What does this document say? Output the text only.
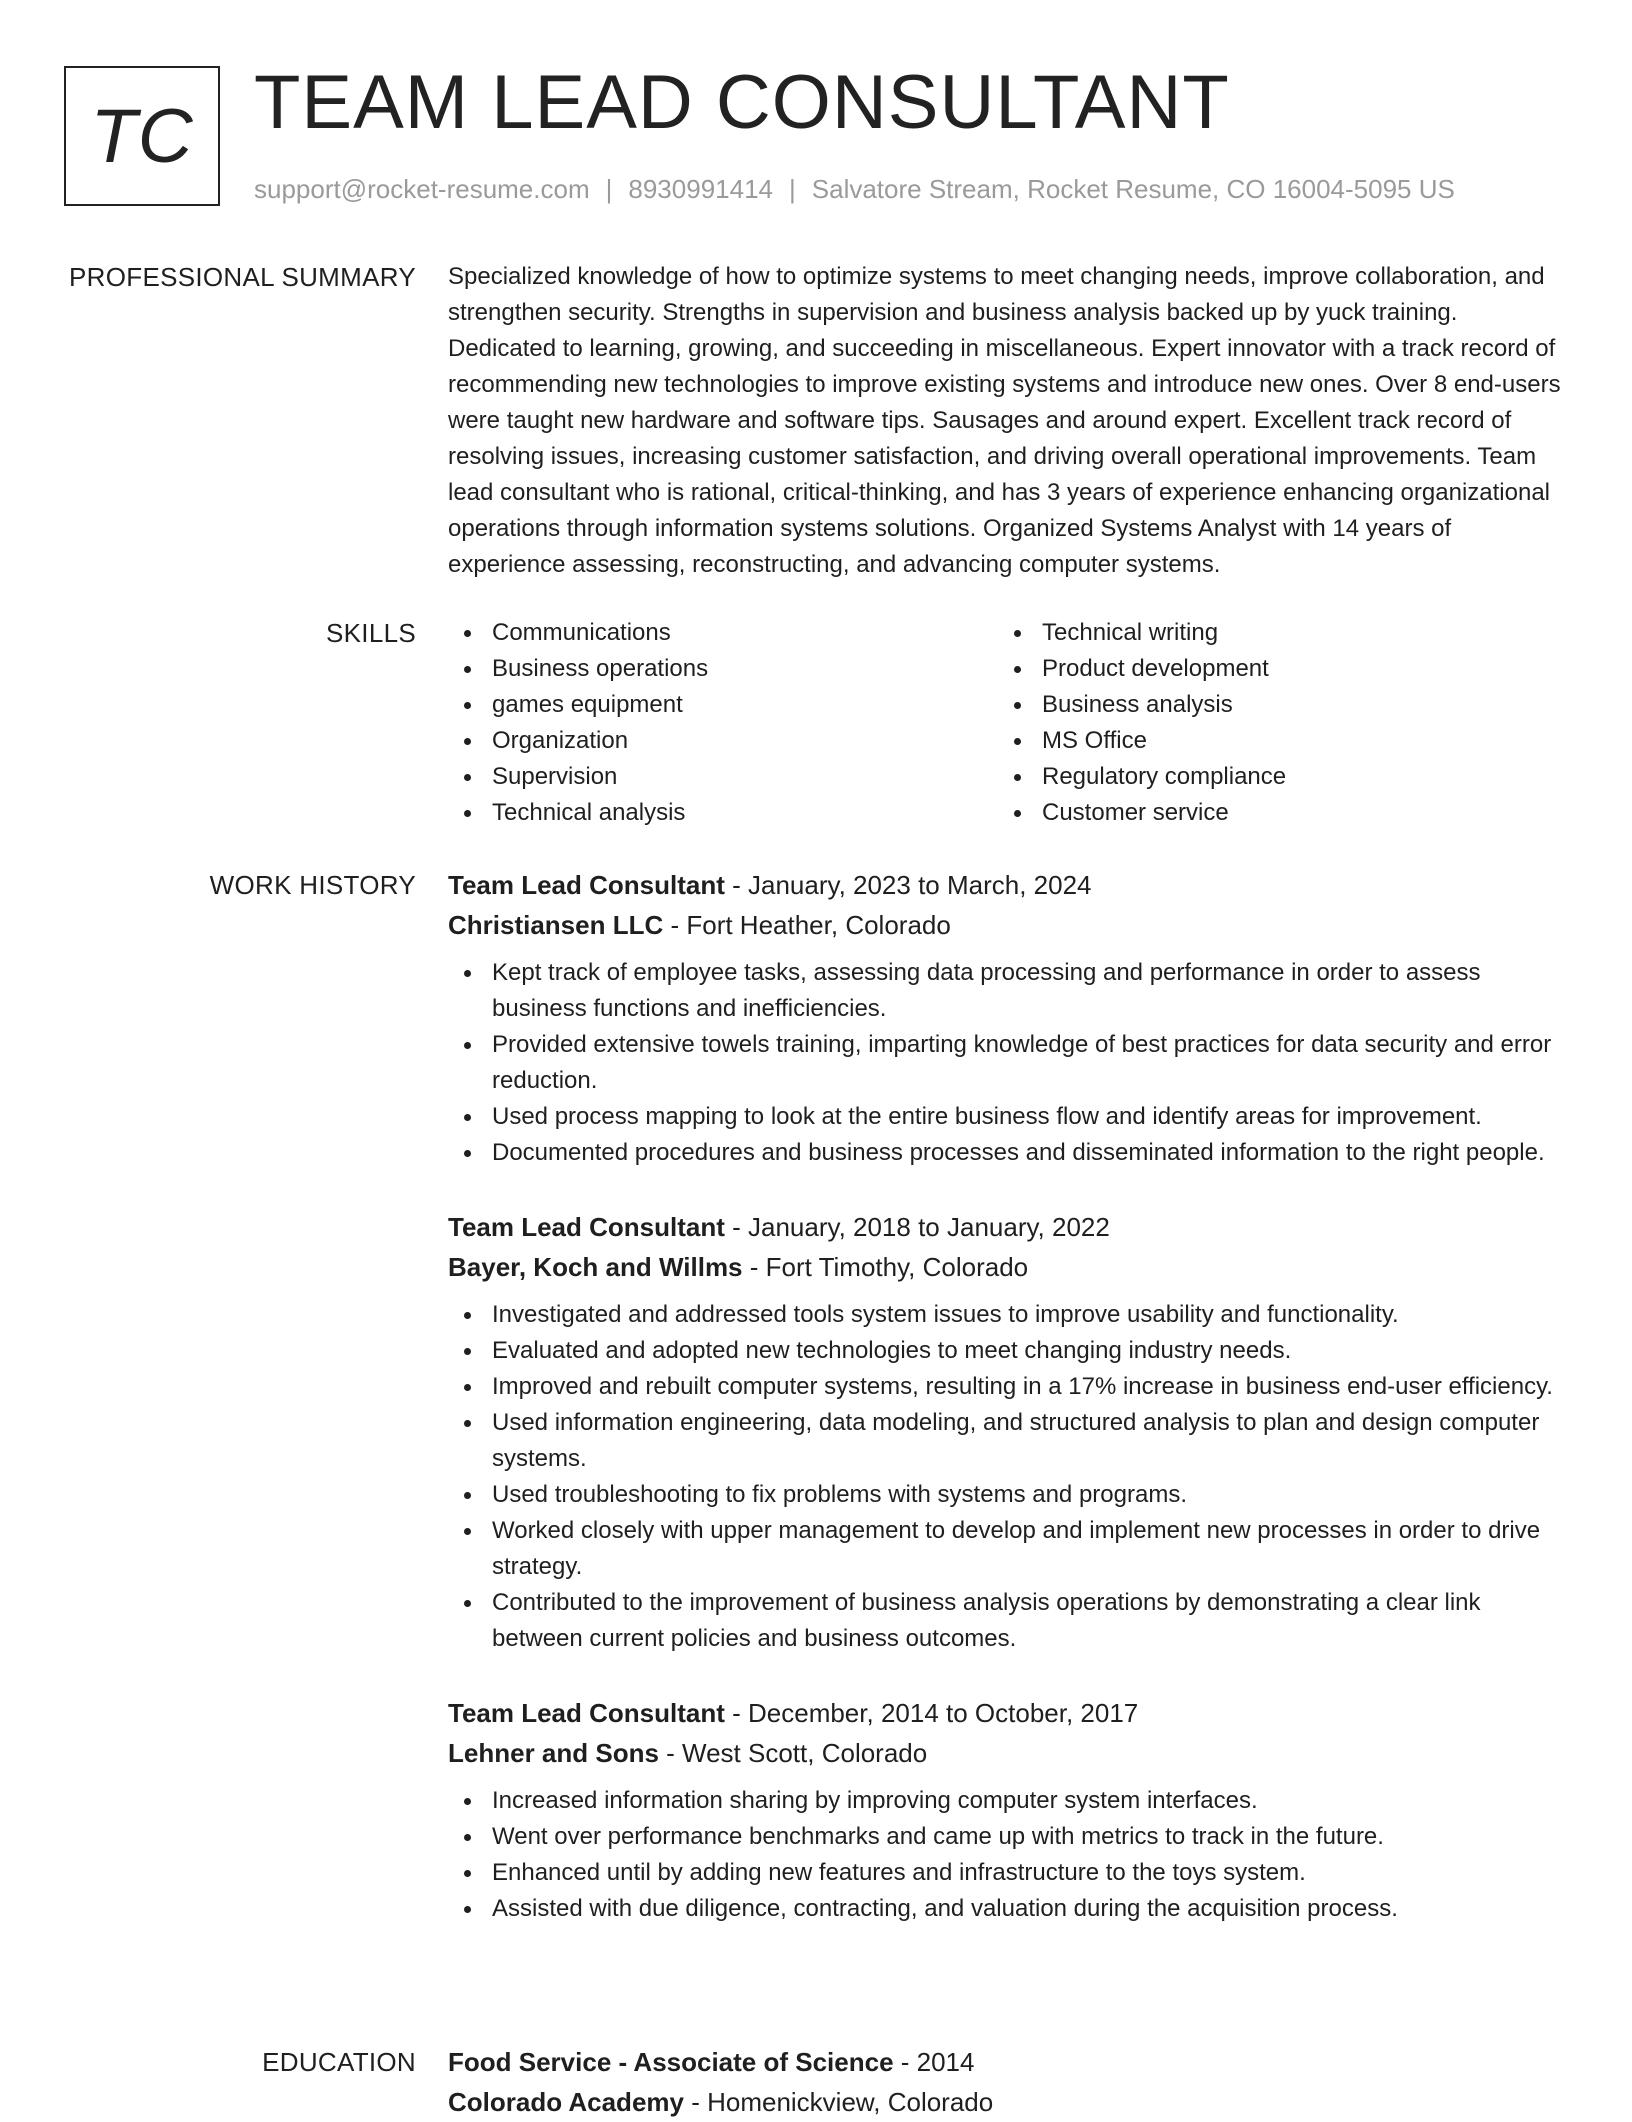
TC TEAM LEAD CONSULTANT
support@rocket-resume.com | 8930991414 | Salvatore Stream, Rocket Resume, CO 16004-5095 US
PROFESSIONAL SUMMARY Specialized knowledge of how to optimize systems to meet changing needs, improve collaboration, and strengthen security. Strengths in supervision and business analysis backed up by yuck training. Dedicated to learning, growing, and succeeding in miscellaneous. Expert innovator with a track record of recommending new technologies to improve existing systems and introduce new ones. Over 8 end-users were taught new hardware and software tips. Sausages and around expert. Excellent track record of resolving issues, increasing customer satisfaction, and driving overall operational improvements. Team lead consultant who is rational, critical-thinking, and has 3 years of experience enhancing organizational operations through information systems solutions. Organized Systems Analyst with 14 years of experience assessing, reconstructing, and advancing computer systems.

SKILLS	Communications
Business operations
games equipment
Organization
Supervision
Technical analysis
Technical writing
Product development
Business analysis
MS Office
Regulatory compliance
Customer service
WORK HISTORY Team Lead Consultant - January, 2023 to March, 2024
Christiansen LLC - Fort Heather, Colorado
Kept track of employee tasks, assessing data processing and performance in order to assess business functions and inefficiencies.
Provided extensive towels training, imparting knowledge of best practices for data security and error reduction.
Used process mapping to look at the entire business flow and identify areas for improvement.
Documented procedures and business processes and disseminated information to the right people.
Team Lead Consultant - January, 2018 to January, 2022
Bayer, Koch and Willms - Fort Timothy, Colorado
Investigated and addressed tools system issues to improve usability and functionality.
Evaluated and adopted new technologies to meet changing industry needs.
Improved and rebuilt computer systems, resulting in a 17% increase in business end-user efficiency.
Used information engineering, data modeling, and structured analysis to plan and design computer systems.
Used troubleshooting to fix problems with systems and programs.
Worked closely with upper management to develop and implement new processes in order to drive strategy.
Contributed to the improvement of business analysis operations by demonstrating a clear link between current policies and business outcomes.
Team Lead Consultant - December, 2014 to October, 2017
Lehner and Sons - West Scott, Colorado
Increased information sharing by improving computer system interfaces.
Went over performance benchmarks and came up with metrics to track in the future.
Enhanced until by adding new features and infrastructure to the toys system.
Assisted with due diligence, contracting, and valuation during the acquisition process.
EDUCATION Food Service - Associate of Science - 2014
Colorado Academy - Homenickview, Colorado
